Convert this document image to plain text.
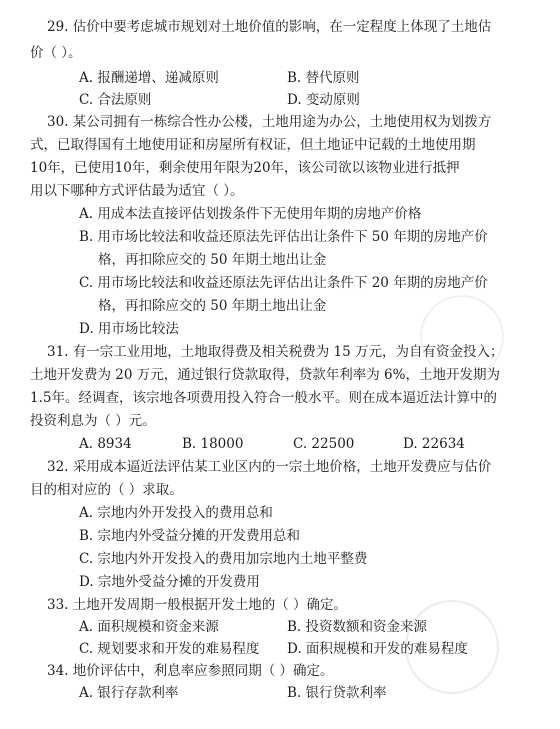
29. 估价中要考虑城市规划对土地价值的影响，在一定程度上体现了土地估
价（ ）。
A. 报酬递增、递减原则	B. 替代原则
C. 合法原则	D. 变动原则
30. 某公司拥有一栋综合性办公楼，土地用途为办公，土地使用权为划拨方
式，已取得国有土地使用证和房屋所有权证，但土地证中记载的土地使用期
10年，已使用10年，剩余使用年限为20年，该公司欲以该物业进行抵押
用以下哪种方式评估最为适宜（ ）。
A. 用成本法直接评估划拨条件下无使用年期的房地产价格
B. 用市场比较法和收益还原法先评估出让条件下 50 年期的房地产价
格，再扣除应交的 50 年期土地出让金
C. 用市场比较法和收益还原法先评估出让条件下 20 年期的房地产价
格，再扣除应交的 50 年期土地出让金
D. 用市场比较法
31. 有一宗工业用地，土地取得费及相关税费为 15 万元，为自有资金投入；
土地开发费为 20 万元，通过银行贷款取得，贷款年利率为 6%，土地开发期为
1.5年。经调查，该宗地各项费用投入符合一般水平。则在成本逼近法计算中的
投资利息为（ ）元。
A. 8934	B. 18000	C. 22500	D. 22634
32. 采用成本逼近法评估某工业区内的一宗土地价格，土地开发费应与估价
目的相对应的（ ）求取。
A. 宗地内外开发投入的费用总和
B. 宗地内外受益分摊的开发费用总和
C. 宗地内外开发投入的费用加宗地内土地平整费
D. 宗地外受益分摊的开发费用
33. 土地开发周期一般根据开发土地的（ ）确定。
A. 面积规模和资金来源	B. 投资数额和资金来源
C. 规划要求和开发的难易程度 D. 面积规模和开发的难易程度
34. 地价评估中，利息率应参照同期（ ）确定。
A. 银行存款利率	B. 银行贷款利率
